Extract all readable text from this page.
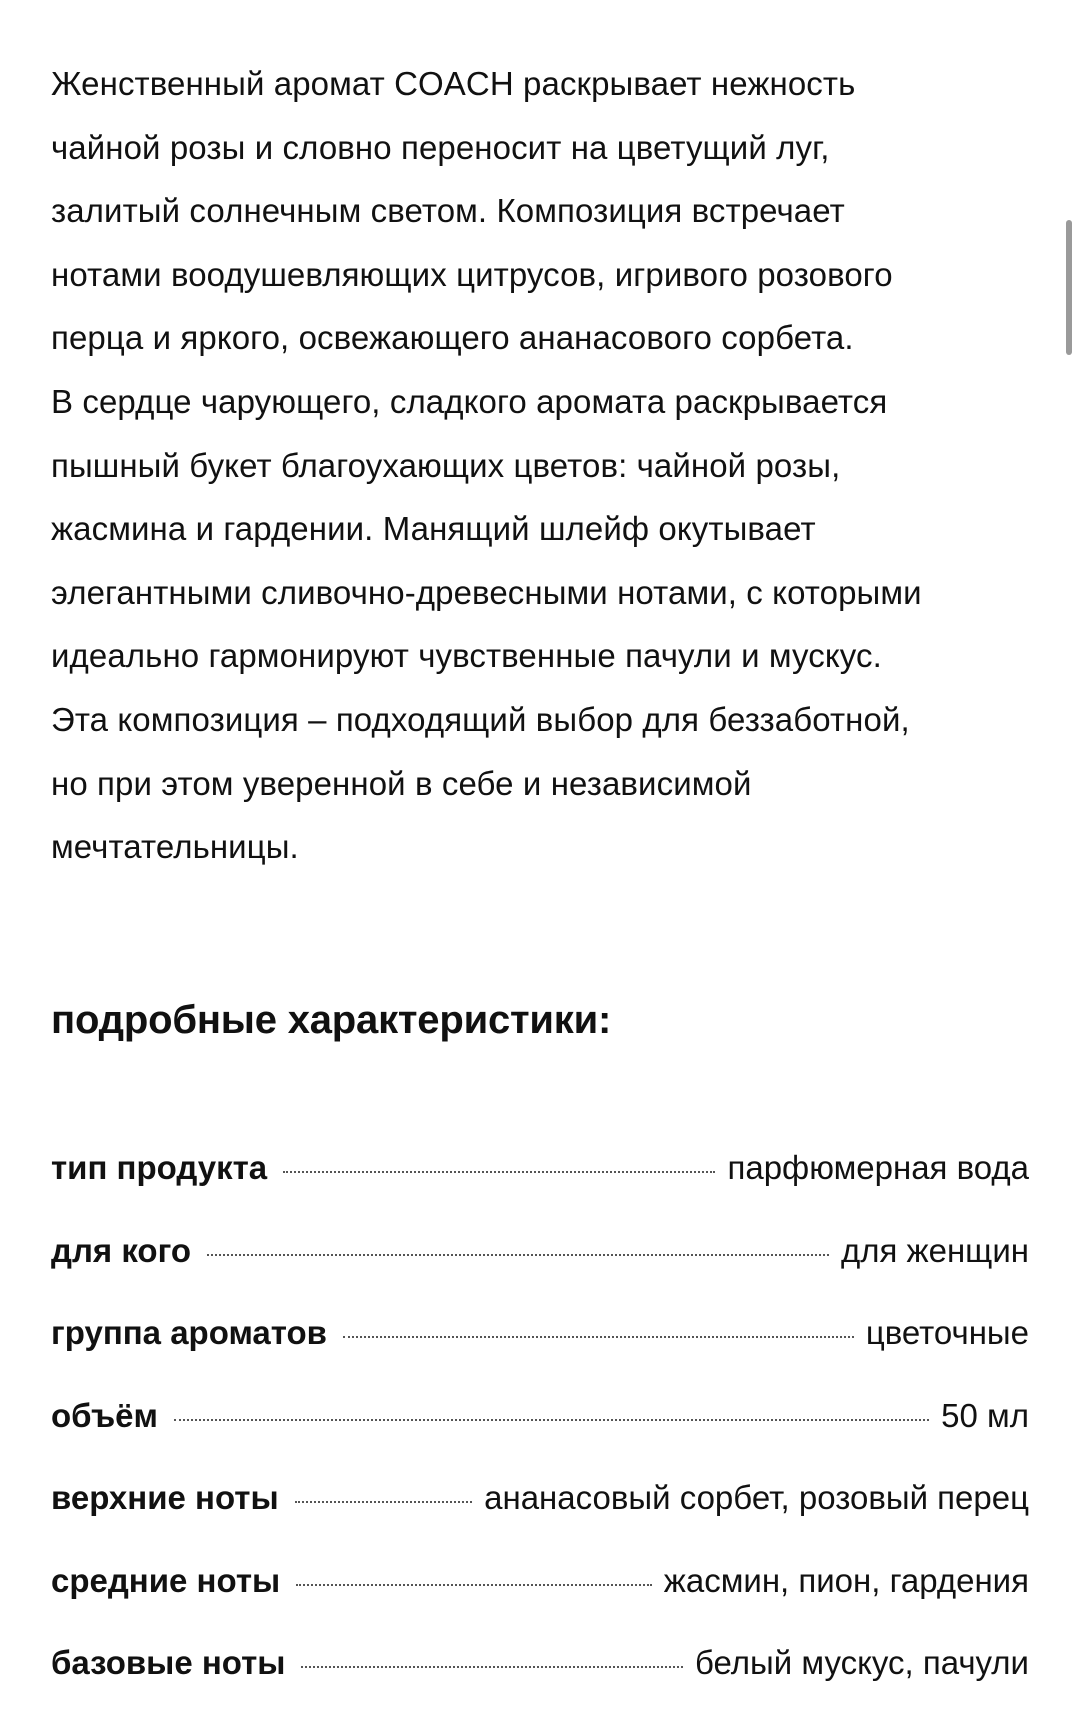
Женственный аромат COACH раскрывает нежность
чайной розы и словно переносит на цветущий луг,
залитый солнечным светом. Композиция встречает
нотами воодушевляющих цитрусов, игривого розового
перца и яркого, освежающего ананасового сорбета.
В сердце чарующего, сладкого аромата раскрывается
пышный букет благоухающих цветов: чайной розы,
жасмина и гардении. Манящий шлейф окутывает
элегантными сливочно-древесными нотами, с которыми
идеально гармонируют чувственные пачули и мускус.
Эта композиция – подходящий выбор для беззаботной,
но при этом уверенной в себе и независимой
мечтательницы.

подробные характеристики:
тип продукта	парфюмерная вода
для кого	для женщин
группа ароматов	цветочные
объём	50 мл
верхние ноты	ананасовый сорбет, розовый перец
средние ноты	жасмин, пион, гардения
базовые ноты	белый мускус, пачули
